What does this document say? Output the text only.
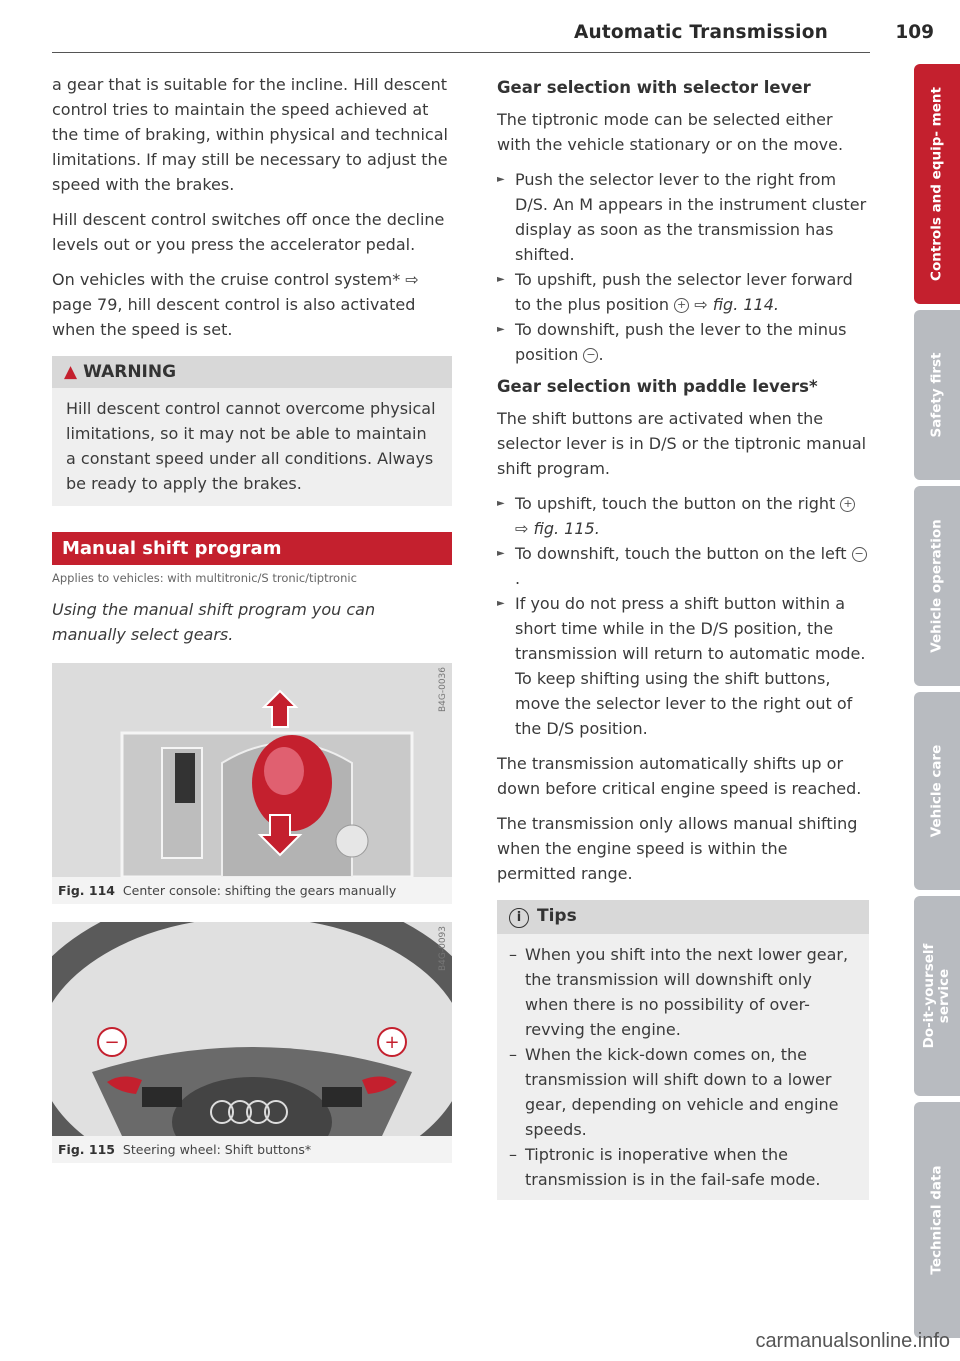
Automatic Transmission	109

a gear that is suitable for the incline. Hill descent control tries to maintain the speed achieved at the time of braking, within physical and technical limitations. If may still be necessary to adjust the speed with the brakes.

Hill descent control switches off once the decline levels out or you press the accelerator pedal.

On vehicles with the cruise control system* ⇨ page 79, hill descent control is also activated when the speed is set.

▲ WARNING
Hill descent control cannot overcome physical limitations, so it may not be able to maintain a constant speed under all conditions. Always be ready to apply the brakes.
Manual shift program
Applies to vehicles: with multitronic/S tronic/tiptronic

Using the manual shift program you can manually select gears.

B4G-0036
Fig. 114 Center console: shifting the gears manually
−	+
B4G-0093
Fig. 115 Steering wheel: Shift buttons*
Gear selection with selector lever

The tiptronic mode can be selected either with the vehicle stationary or on the move.

► Push the selector lever to the right from D/S. An M appears in the instrument cluster display as soon as the transmission has shifted.
► To upshift, push the selector lever forward to the plus position + ⇨ fig. 114.
► To downshift, push the lever to the minus position − .
Gear selection with paddle levers*

The shift buttons are activated when the selector lever is in D/S or the tiptronic manual shift program.

► To upshift, touch the button on the right + ⇨ fig. 115.
► To downshift, touch the button on the left −.
► If you do not press a shift button within a short time while in the D/S position, the transmission will return to automatic mode. To keep shifting using the shift buttons, move the selector lever to the right out of the D/S position.

The transmission automatically shifts up or down before critical engine speed is reached.

The transmission only allows manual shifting when the engine speed is within the permitted range.

i Tips
– When you shift into the next lower gear, the transmission will downshift only when there is no possibility of over-revving the engine.
– When the kick-down comes on, the transmission will shift down to a lower gear, depending on vehicle and engine speeds.
– Tiptronic is inoperative when the transmission is in the fail-safe mode.
Controls and equip- ment
Safety first
Vehicle operation
Vehicle care
Do-it-yourself service
Technical data
carmanualsonline.info
